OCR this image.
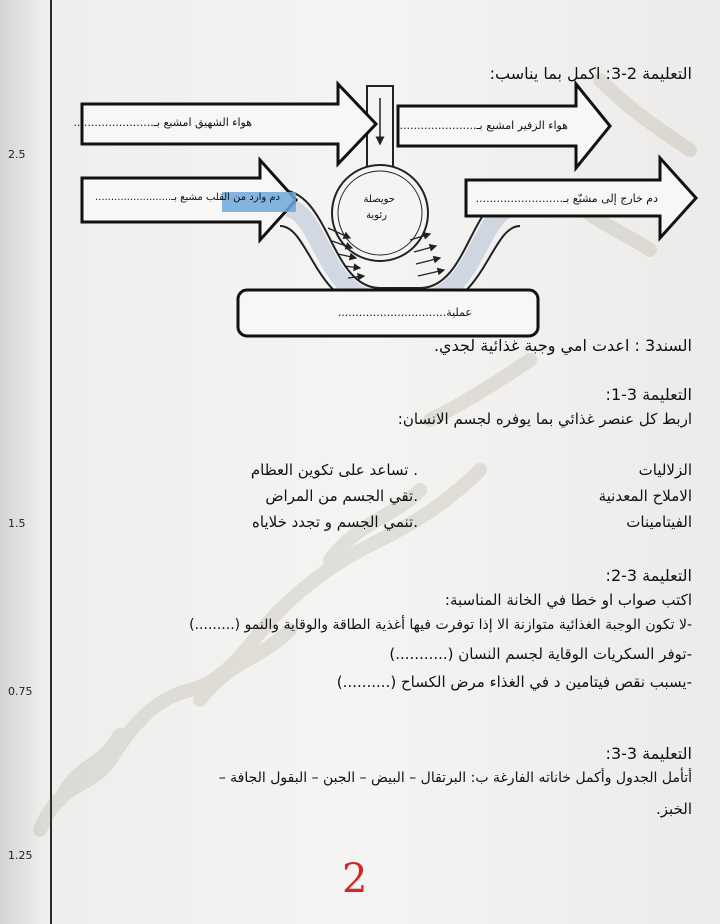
2.5
1.5
0.75
1.25
التعليمة 2-3: اكمل بما يناسب:
هواء الشهيق امشبع بـ.......................	هواء الزفير امشبع بـ......................
دم وارد من القلب مشبع بـ........................	دم خارج إلى مشبّع بـ.........................
حويصلة
رئوية
عملية...............................
السند3 : اعدت امي وجبة غذائية لجدي.
التعليمة 3-1:
اربط كل عنصر غذائي بما يوفره لجسم الانسان:
الزلاليات
الاملاح المعدنية
الفيتامينات
. تساعد على تكوين العظام
.تقي الجسم من المراض
.تنمي الجسم و تجدد خلاياه
التعليمة 3-2:
اكتب صواب او خطا في الخانة المناسبة:
-لا تكون الوجبة الغذائية متوازنة الا إذا توفرت فيها أغذية الطاقة والوقاية والنمو (.........)
-توفر السكريات الوقاية لجسم النسان (...........)
-يسبب نقص فيتامين د في الغذاء مرض الكساح (..........)
التعليمة 3-3:
أتأمل الجدول وأكمل خاناته الفارغة ب: البرتقال – البيض – الجبن – البقول الجافة –
الخبز.
2
